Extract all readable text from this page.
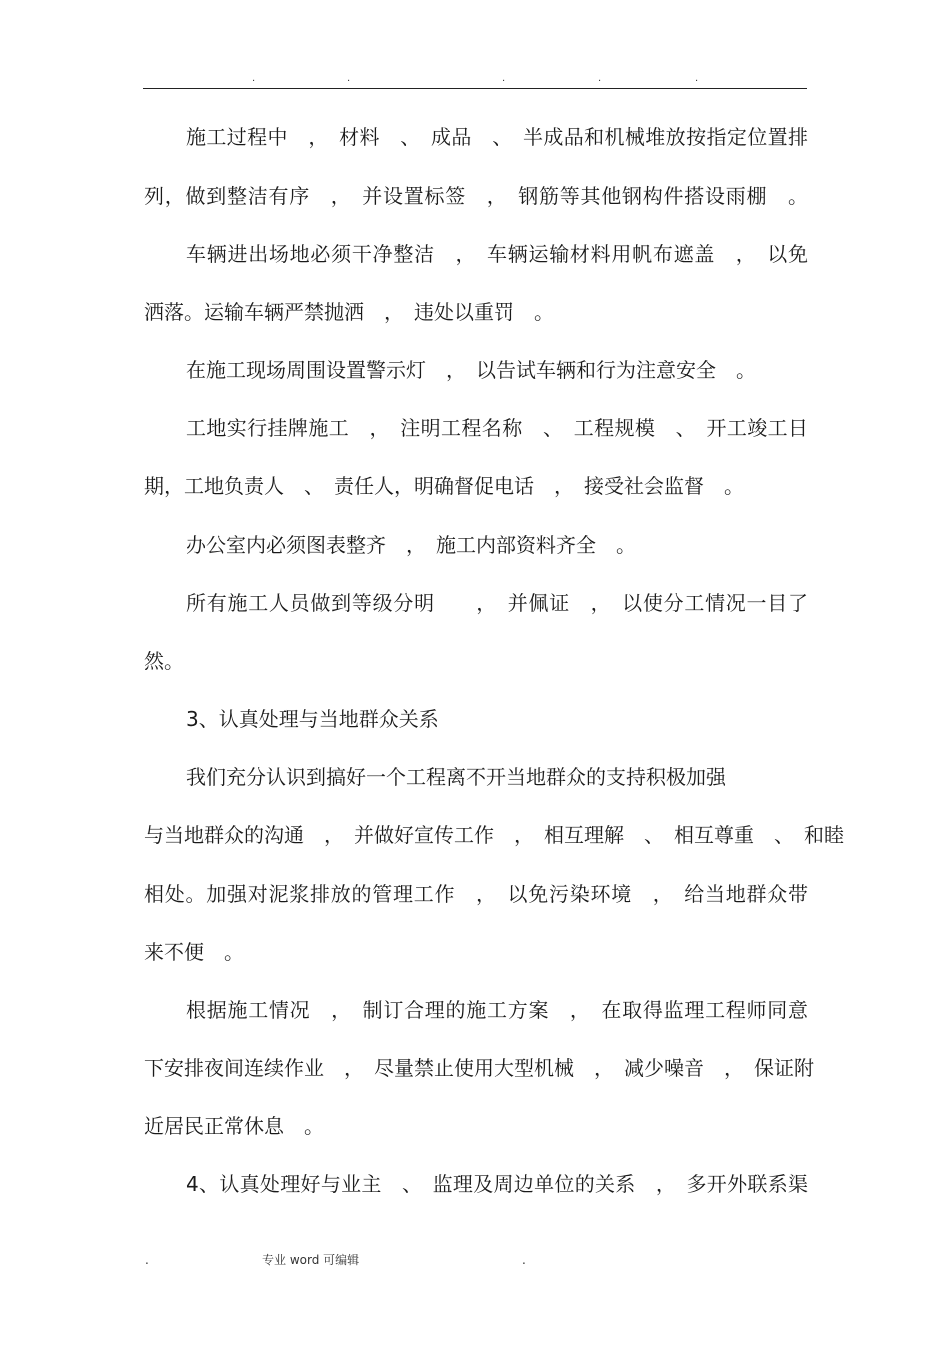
.	.	.	.	.
施工过程中　，　材料　、　成品　、　半成品和机械堆放按指定位置排
列，做到整洁有序　，　并设置标签　，　钢筋等其他钢构件搭设雨棚　。
车辆进出场地必须干净整洁　，　车辆运输材料用帆布遮盖　，　以免
洒落。运输车辆严禁抛洒　，　违处以重罚　。
在施工现场周围设置警示灯　，　以告试车辆和行为注意安全　。
工地实行挂牌施工　，　注明工程名称　、　工程规模　、　开工竣工日
期，工地负责人　、　责任人，明确督促电话　，　接受社会监督　。
办公室内必须图表整齐　，　施工内部资料齐全　。
所有施工人员做到等级分明　　，　并佩证　，　以使分工情况一目了
然。
3、认真处理与当地群众关系
我们充分认识到搞好一个工程离不开当地群众的支持积极加强
与当地群众的沟通　，　并做好宣传工作　，　相互理解　、　相互尊重　、　和睦
相处。加强对泥浆排放的管理工作　，　以免污染环境　，　给当地群众带
来不便　。
根据施工情况　，　制订合理的施工方案　，　在取得监理工程师同意
下安排夜间连续作业　，　尽量禁止使用大型机械　，　减少噪音　，　保证附
近居民正常休息　。
4、认真处理好与业主　、　监理及周边单位的关系　，　多开外联系渠
.	专业 word 可编辑	.
